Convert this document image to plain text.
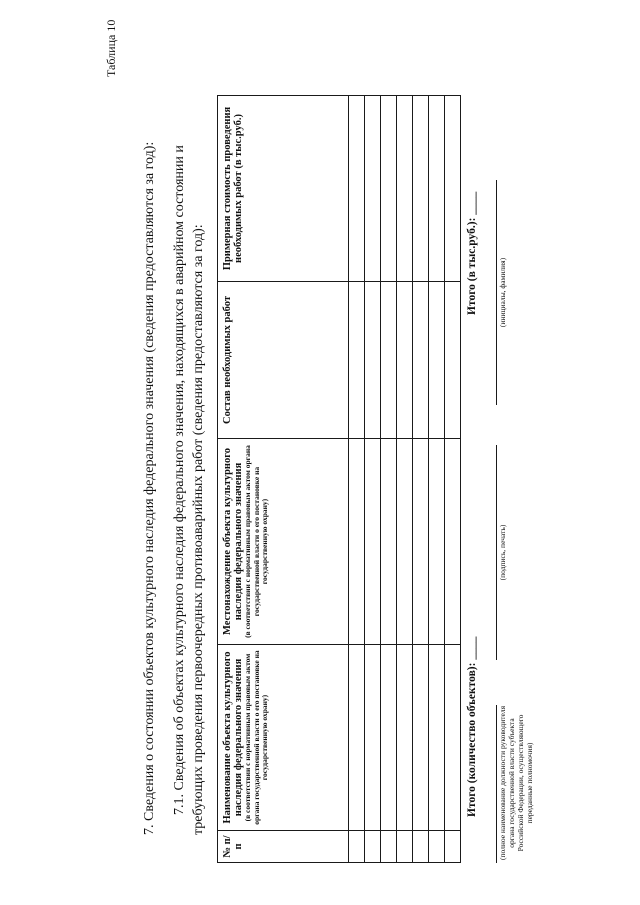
Таблица 10
7. Сведения о состоянии объектов культурного наследия федерального значения (сведения предоставляются за год): 7.1. Сведения об объектах культурного наследия федерального значения, находящихся в аварийном состоянии и требующих проведения первоочередных противоаварийных работ (сведения предоставляются за год):
№ п/п	Наименование объекта культурного наследия федерального значения (в соответствии с нормативным правовым актом органа государственной власти о его постановке на государственную охрану)	Местонахождение объекта культурного наследия федерального значения (в соответствии с нормативным правовым актом органа государственной власти о его постановке на государственную охрану)	Состав необходимых работ	Примерная стоимость проведения необходимых работ (в тыс.руб.)

Итого (количество объектов): ____
Итого (в тыс.руб.): ____
(полное наименование должности руководителя органа государственной власти субъекта Российской Федерации, осуществляющего переданные полномочия)
(подпись, печать)
(инициалы, фамилия)
